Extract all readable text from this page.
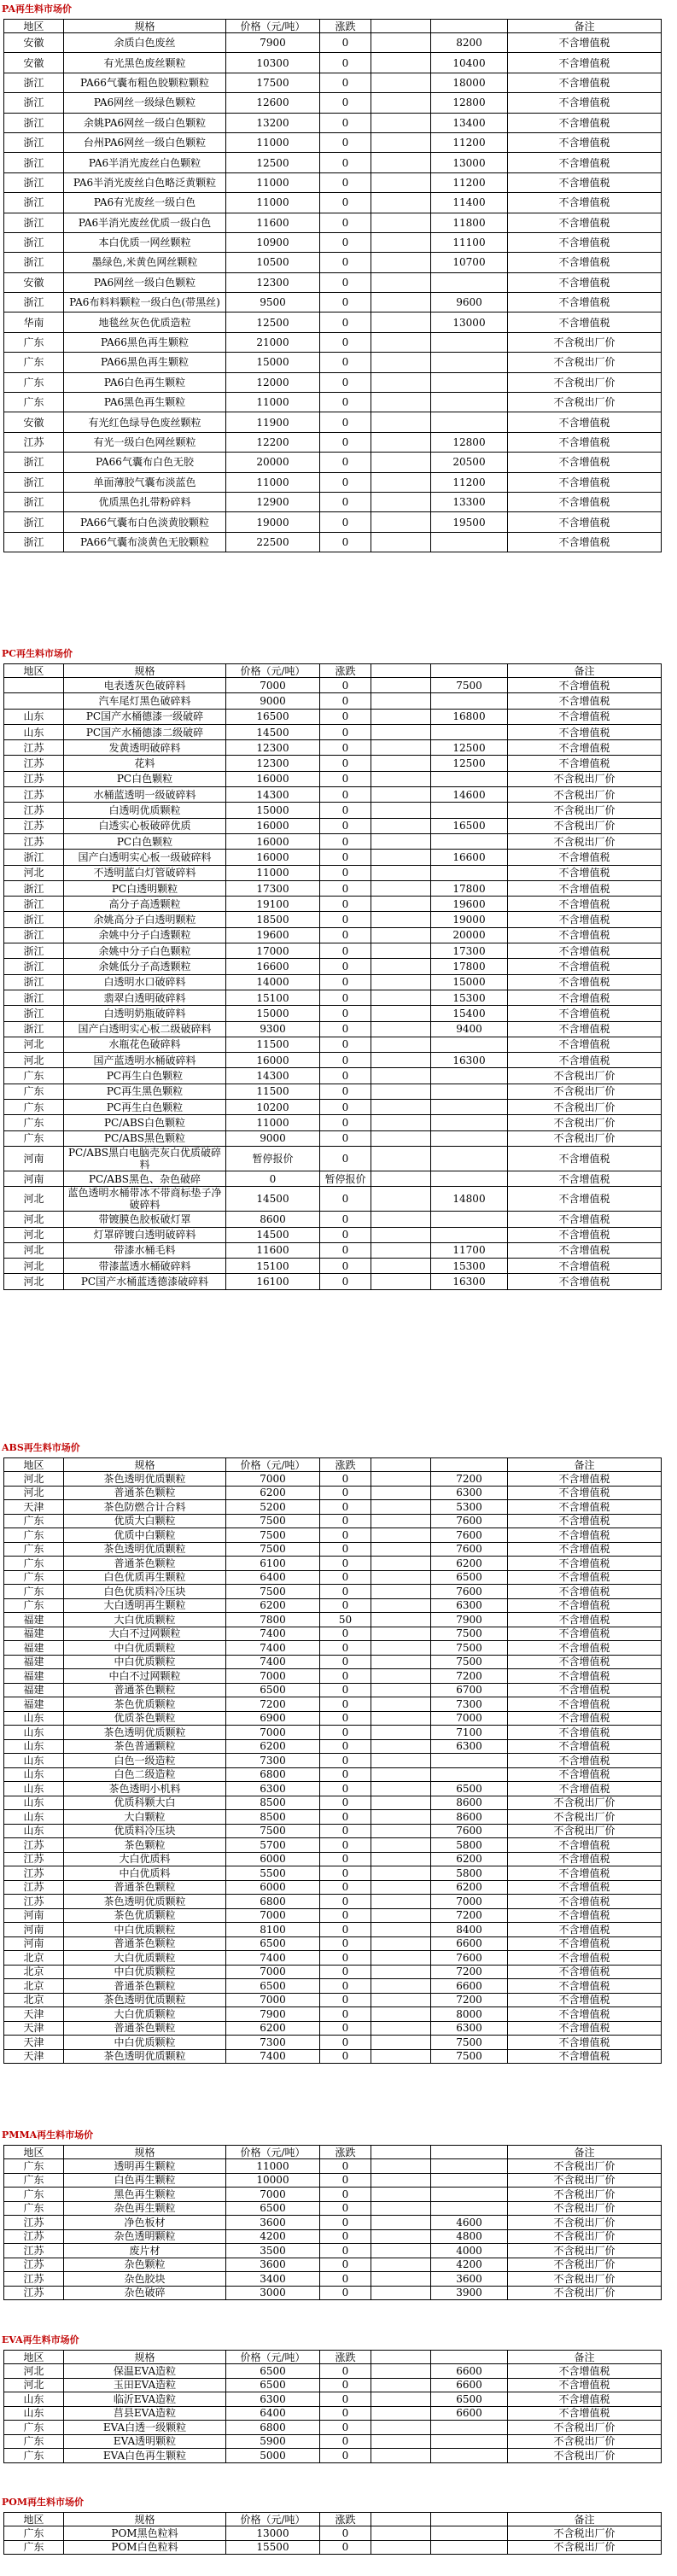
PA再生料市场价
地区	规格	价格（元/吨）	涨跌			备注
安徽	余质白色废丝	7900	0		8200	不含增值税
安徽	有光黑色废丝颗粒	10300	0		10400	不含增值税
浙江	PA66气囊布粗色胶颗粒颗粒	17500	0		18000	不含增值税
浙江	PA6网丝一级绿色颗粒	12600	0		12800	不含增值税
浙江	余姚PA6网丝一级白色颗粒	13200	0		13400	不含增值税
浙江	台州PA6网丝一级白色颗粒	11000	0		11200	不含增值税
浙江	PA6半消光废丝白色颗粒	12500	0		13000	不含增值税
浙江	PA6半消光废丝白色略泛黄颗粒	11000	0		11200	不含增值税
浙江	PA6有光废丝一级白色	11000	0		11400	不含增值税
浙江	PA6半消光废丝优质一级白色	11600	0		11800	不含增值税
浙江	本白优质一网丝颗粒	10900	0		11100	不含增值税
浙江	墨绿色,米黄色网丝颗粒	10500	0		10700	不含增值税
安徽	PA6网丝一级白色颗粒	12300	0			不含增值税
浙江	PA6布料料颗粒一级白色(带黑丝)	9500	0		9600	不含增值税
华南	地毯丝灰色优质造粒	12500	0		13000	不含增值税
广东	PA66黑色再生颗粒	21000	0			不含税出厂价
广东	PA66黑色再生颗粒	15000	0			不含税出厂价
广东	PA6白色再生颗粒	12000	0			不含税出厂价
广东	PA6黑色再生颗粒	11000	0			不含税出厂价
安徽	有光红色绿导色废丝颗粒	11900	0			不含增值税
江苏	有光一级白色网丝颗粒	12200	0		12800	不含增值税
浙江	PA66气囊布白色无胶	20000	0		20500	不含增值税
浙江	单面薄胶气囊布淡蓝色	11000	0		11200	不含增值税
浙江	优质黑色扎带粉碎料	12900	0		13300	不含增值税
浙江	PA66气囊布白色淡黄胶颗粒	19000	0		19500	不含增值税
浙江	PA66气囊布淡黄色无胶颗粒	22500	0			不含增值税
PC再生料市场价
地区	规格	价格（元/吨）	涨跌			备注
	电表透灰色破碎料	7000	0		7500	不含增值税
	汽车尾灯黑色破碎料	9000	0			不含增值税
山东	PC国产水桶德漆一级破碎	16500	0		16800	不含增值税
山东	PC国产水桶德漆二级破碎	14500	0			不含增值税
江苏	发黄透明破碎料	12300	0		12500	不含增值税
江苏	花料	12300	0		12500	不含增值税
江苏	PC白色颗粒	16000	0			不含税出厂价
江苏	水桶蓝透明一级破碎料	14300	0		14600	不含税出厂价
江苏	白透明优质颗粒	15000	0			不含税出厂价
江苏	白透实心板破碎优质	16000	0		16500	不含税出厂价
江苏	PC白色颗粒	16000	0			不含税出厂价
浙江	国产白透明实心板一级破碎料	16000	0		16600	不含增值税
河北	不透明蓝白灯管破碎料	11000	0			不含增值税
浙江	PC白透明颗粒	17300	0		17800	不含增值税
浙江	高分子高透颗粒	19100	0		19600	不含增值税
浙江	余姚高分子白透明颗粒	18500	0		19000	不含增值税
浙江	余姚中分子白透颗粒	19600	0		20000	不含增值税
浙江	余姚中分子白色颗粒	17000	0		17300	不含增值税
浙江	余姚低分子高透颗粒	16600	0		17800	不含增值税
浙江	白透明水口破碎料	14000	0		15000	不含增值税
浙江	翡翠白透明破碎料	15100	0		15300	不含增值税
浙江	白透明奶瓶破碎料	15000	0		15400	不含增值税
浙江	国产白透明实心板二级破碎料	9300	0		9400	不含增值税
河北	水瓶花色破碎料	11500	0			不含增值税
河北	国产蓝透明水桶破碎料	16000	0		16300	不含增值税
广东	PC再生白色颗粒	14300	0			不含税出厂价
广东	PC再生黑色颗粒	11500	0			不含税出厂价
广东	PC再生白色颗粒	10200	0			不含税出厂价
广东	PC/ABS白色颗粒	11000	0			不含税出厂价
广东	PC/ABS黑色颗粒	9000	0			不含税出厂价
河南	PC/ABS黑白电脑壳灰白优质破碎料	暂停报价	0			不含增值税
河南	PC/ABS黑色、杂色破碎	0	暂停报价			不含增值税
河北	蓝色透明水桶带冰不带商标垫子净破碎料	14500	0		14800	不含增值税
河北	带镀膜色胶板破灯罩	8600	0			不含增值税
河北	灯罩碎镀白透明破碎料	14500	0			不含增值税
河北	带漆水桶毛料	11600	0		11700	不含增值税
河北	带漆蓝透水桶破碎料	15100	0		15300	不含增值税
河北	PC国产水桶蓝透德漆破碎料	16100	0		16300	不含增值税
ABS再生料市场价
地区	规格	价格（元/吨）	涨跌			备注
河北	茶色透明优质颗粒	7000	0		7200	不含增值税
河北	普通茶色颗粒	6200	0		6300	不含增值税
天津	茶色防燃合计合料	5200	0		5300	不含增值税
广东	优质大白颗粒	7500	0		7600	不含增值税
广东	优质中白颗粒	7500	0		7600	不含增值税
广东	茶色透明优质颗粒	7500	0		7600	不含增值税
广东	普通茶色颗粒	6100	0		6200	不含增值税
广东	白色优质再生颗粒	6400	0		6500	不含增值税
广东	白色优质料冷压块	7500	0		7600	不含增值税
广东	大白透明再生颗粒	6200	0		6300	不含增值税
福建	大白优质颗粒	7800	50		7900	不含增值税
福建	大白不过网颗粒	7400	0		7500	不含增值税
福建	中白优质颗粒	7400	0		7500	不含增值税
福建	中白优质颗粒	7400	0		7500	不含增值税
福建	中白不过网颗粒	7000	0		7200	不含增值税
福建	普通茶色颗粒	6500	0		6700	不含增值税
福建	茶色优质颗粒	7200	0		7300	不含增值税
山东	优质茶色颗粒	6900	0		7000	不含增值税
山东	茶色透明优质颗粒	7000	0		7100	不含增值税
山东	茶色普通颗粒	6200	0		6300	不含增值税
山东	白色一级造粒	7300	0			不含增值税
山东	白色二级造粒	6800	0			不含增值税
山东	茶色透明小机料	6300	0		6500	不含增值税
山东	优质科颗大白	8500	0		8600	不含税出厂价
山东	大白颗粒	8500	0		8600	不含税出厂价
山东	优质料冷压块	7500	0		7600	不含税出厂价
江苏	茶色颗粒	5700	0		5800	不含增值税
江苏	大白优质料	6000	0		6200	不含增值税
江苏	中白优质料	5500	0		5800	不含增值税
江苏	普通茶色颗粒	6000	0		6200	不含增值税
江苏	茶色透明优质颗粒	6800	0		7000	不含增值税
河南	茶色优质颗粒	7000	0		7200	不含增值税
河南	中白优质颗粒	8100	0		8400	不含增值税
河南	普通茶色颗粒	6500	0		6600	不含增值税
北京	大白优质颗粒	7400	0		7600	不含增值税
北京	中白优质颗粒	7000	0		7200	不含增值税
北京	普通茶色颗粒	6500	0		6600	不含增值税
北京	茶色透明优质颗粒	7000	0		7200	不含增值税
天津	大白优质颗粒	7900	0		8000	不含增值税
天津	普通茶色颗粒	6200	0		6300	不含增值税
天津	中白优质颗粒	7300	0		7500	不含增值税
天津	茶色透明优质颗粒	7400	0		7500	不含增值税
PMMA再生料市场价
地区	规格	价格（元/吨）	涨跌			备注
广东	透明再生颗粒	11000	0			不含税出厂价
广东	白色再生颗粒	10000	0			不含税出厂价
广东	黑色再生颗粒	7000	0			不含税出厂价
广东	杂色再生颗粒	6500	0			不含税出厂价
江苏	净色板材	3600	0		4600	不含税出厂价
江苏	杂色透明颗粒	4200	0		4800	不含税出厂价
江苏	废片材	3500	0		4000	不含税出厂价
江苏	杂色颗粒	3600	0		4200	不含税出厂价
江苏	杂色胶块	3400	0		3600	不含税出厂价
江苏	杂色破碎	3000	0		3900	不含税出厂价
EVA再生料市场价
地区	规格	价格（元/吨）	涨跌			备注
河北	保温EVA造粒	6500	0		6600	不含增值税
河北	玉田EVA造粒	6500	0		6600	不含增值税
山东	临沂EVA造粒	6300	0		6500	不含增值税
山东	莒县EVA造粒	6400	0		6600	不含增值税
广东	EVA白透一级颗粒	6800	0			不含税出厂价
广东	EVA透明颗粒	5900	0			不含税出厂价
广东	EVA白色再生颗粒	5000	0			不含税出厂价
POM再生料市场价
地区	规格	价格（元/吨）	涨跌			备注
广东	POM黑色粒料	13000	0			不含税出厂价
广东	POM白色粒料	15500	0			不含税出厂价
